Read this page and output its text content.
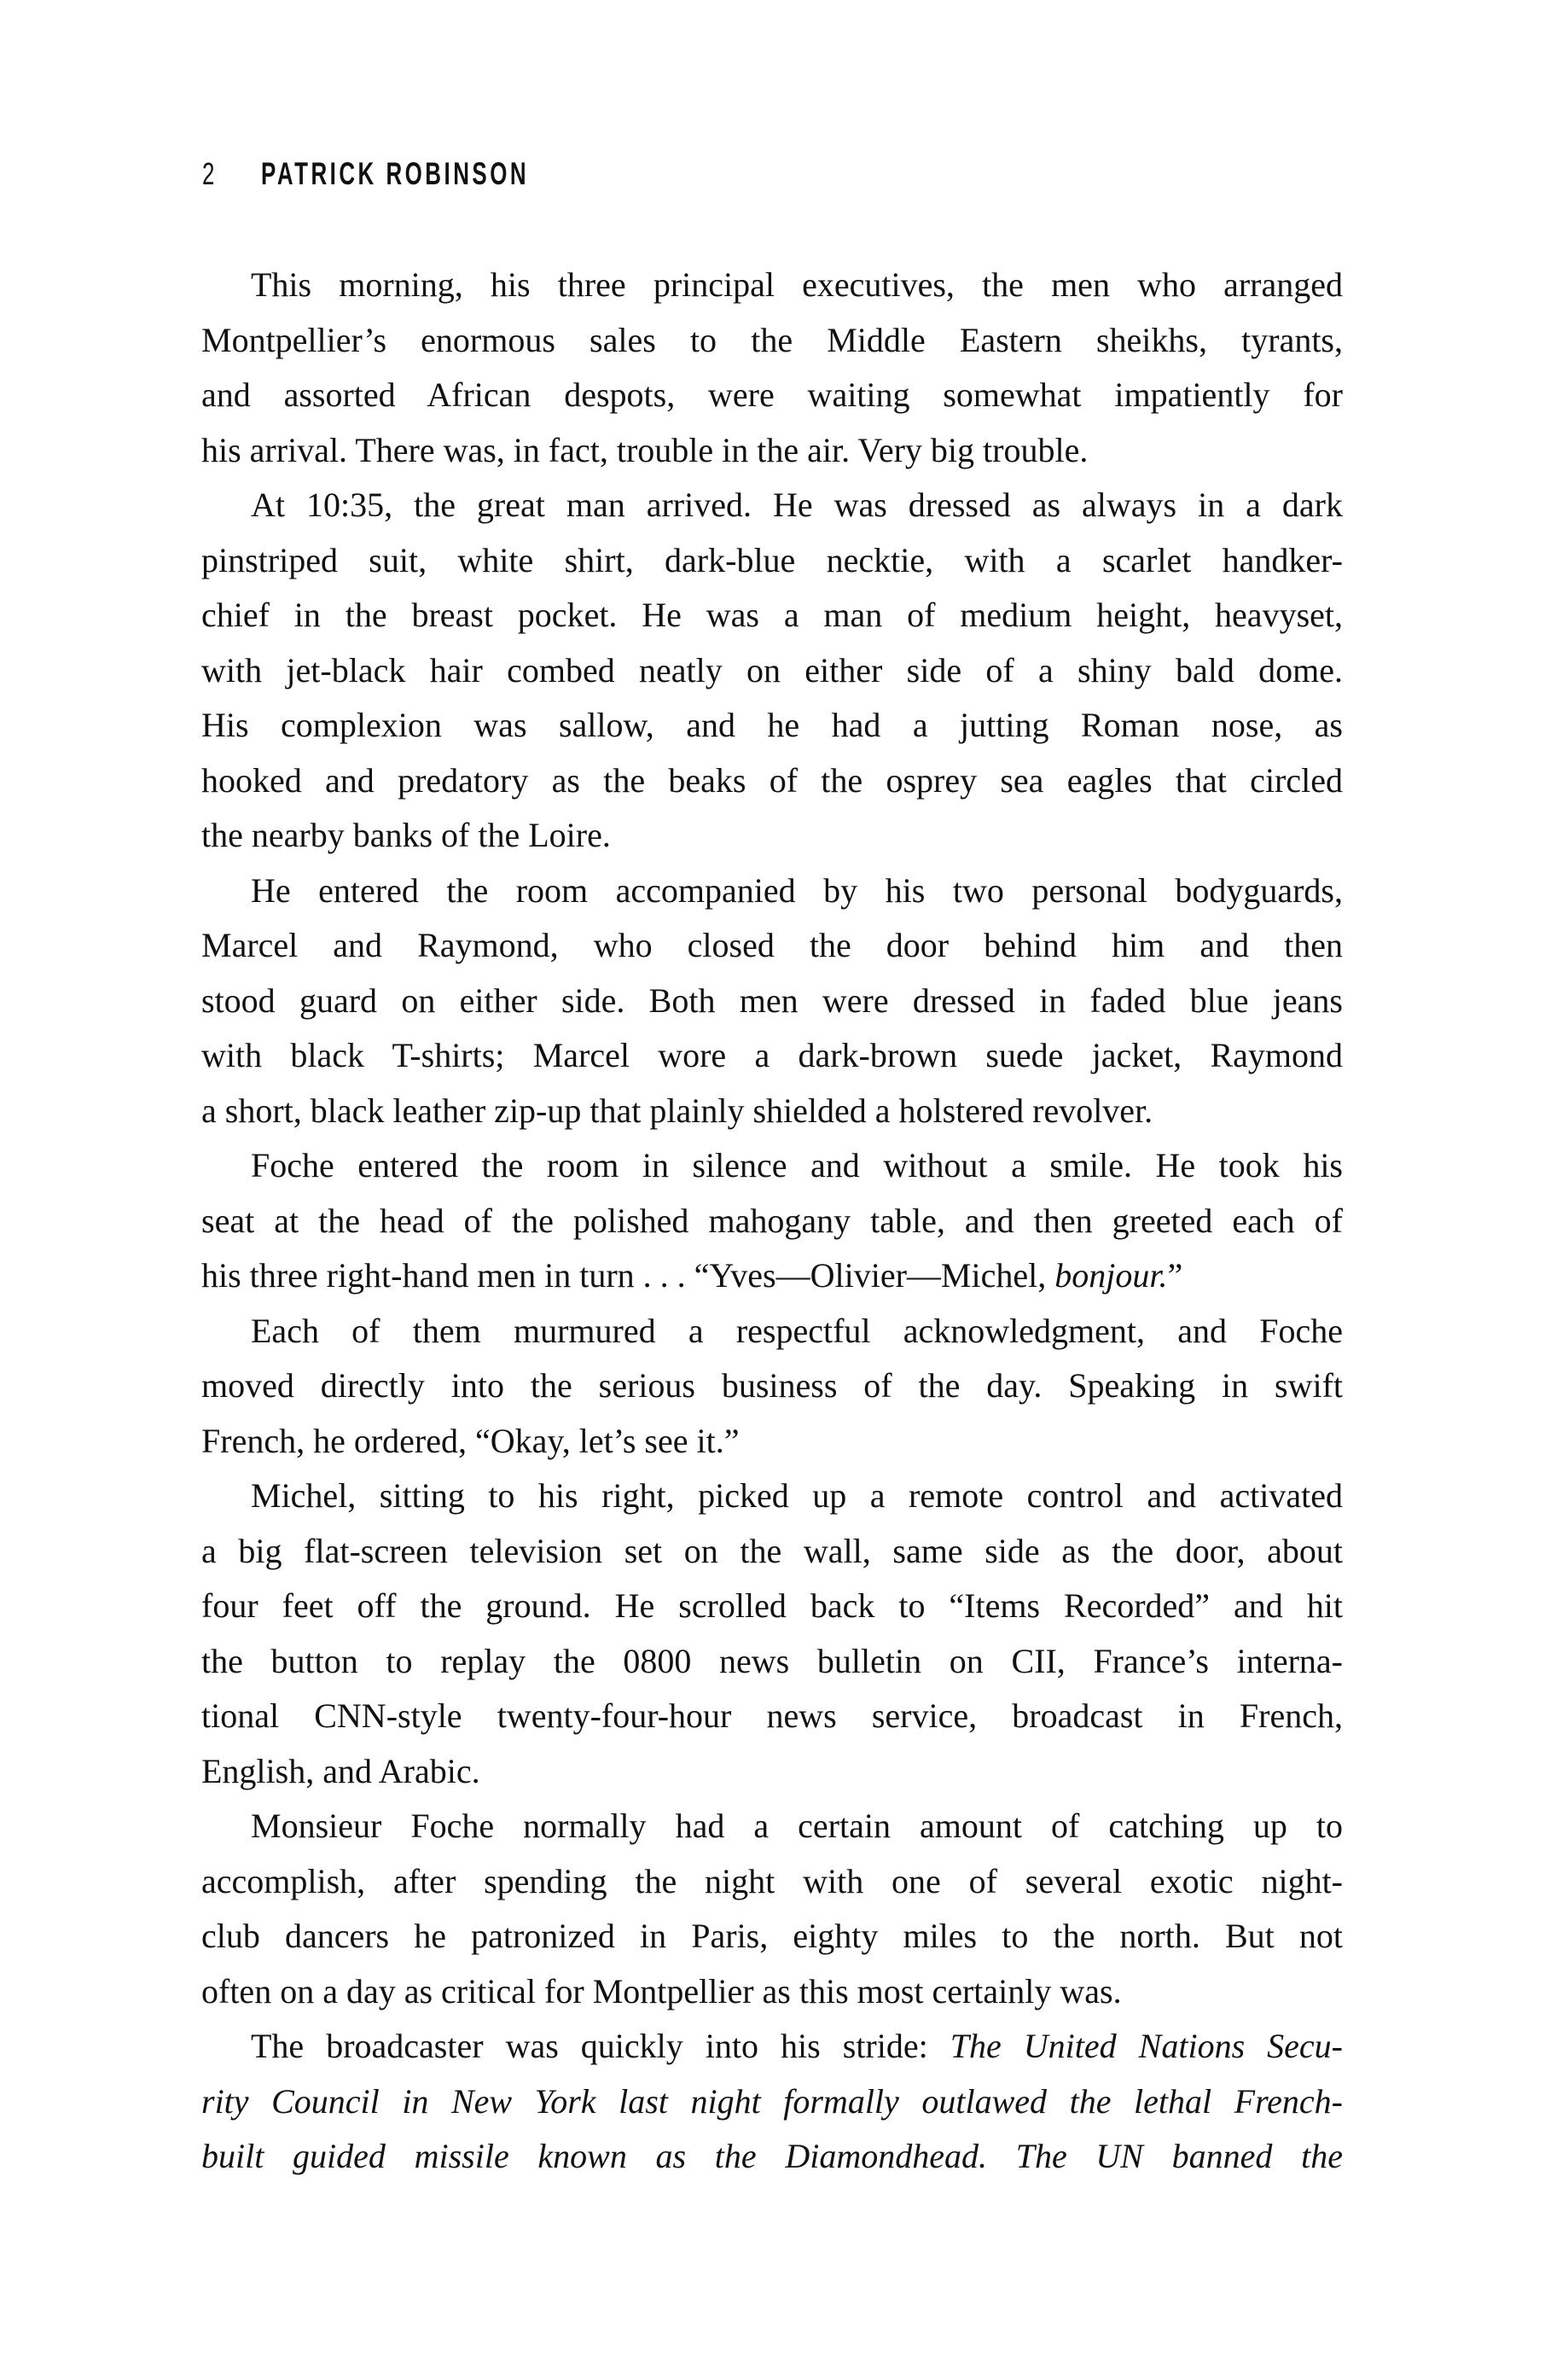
2 PATRICK ROBINSON
This morning, his three principal executives, the men who arranged
Montpellier’s enormous sales to the Middle Eastern sheikhs, tyrants,
and assorted African despots, were waiting somewhat impatiently for
his arrival. There was, in fact, trouble in the air. Very big trouble.
At 10:35, the great man arrived. He was dressed as always in a dark
pinstriped suit, white shirt, dark-blue necktie, with a scarlet handker-
chief in the breast pocket. He was a man of medium height, heavyset,
with jet-black hair combed neatly on either side of a shiny bald dome.
His complexion was sallow, and he had a jutting Roman nose, as
hooked and predatory as the beaks of the osprey sea eagles that circled
the nearby banks of the Loire.
He entered the room accompanied by his two personal bodyguards,
Marcel and Raymond, who closed the door behind him and then
stood guard on either side. Both men were dressed in faded blue jeans
with black T-shirts; Marcel wore a dark-brown suede jacket, Raymond
a short, black leather zip-up that plainly shielded a holstered revolver.
Foche entered the room in silence and without a smile. He took his
seat at the head of the polished mahogany table, and then greeted each of
his three right-hand men in turn . . . “Yves—Olivier—Michel, bonjour.”
Each of them murmured a respectful acknowledgment, and Foche
moved directly into the serious business of the day. Speaking in swift
French, he ordered, “Okay, let’s see it.”
Michel, sitting to his right, picked up a remote control and activated
a big flat-screen television set on the wall, same side as the door, about
four feet off the ground. He scrolled back to “Items Recorded” and hit
the button to replay the 0800 news bulletin on CII, France’s interna-
tional CNN-style twenty-four-hour news service, broadcast in French,
English, and Arabic.
Monsieur Foche normally had a certain amount of catching up to
accomplish, after spending the night with one of several exotic night-
club dancers he patronized in Paris, eighty miles to the north. But not
often on a day as critical for Montpellier as this most certainly was.
The broadcaster was quickly into his stride: The United Nations Secu-
rity Council in New York last night formally outlawed the lethal French-
built guided missile known as the Diamondhead. The UN banned the
